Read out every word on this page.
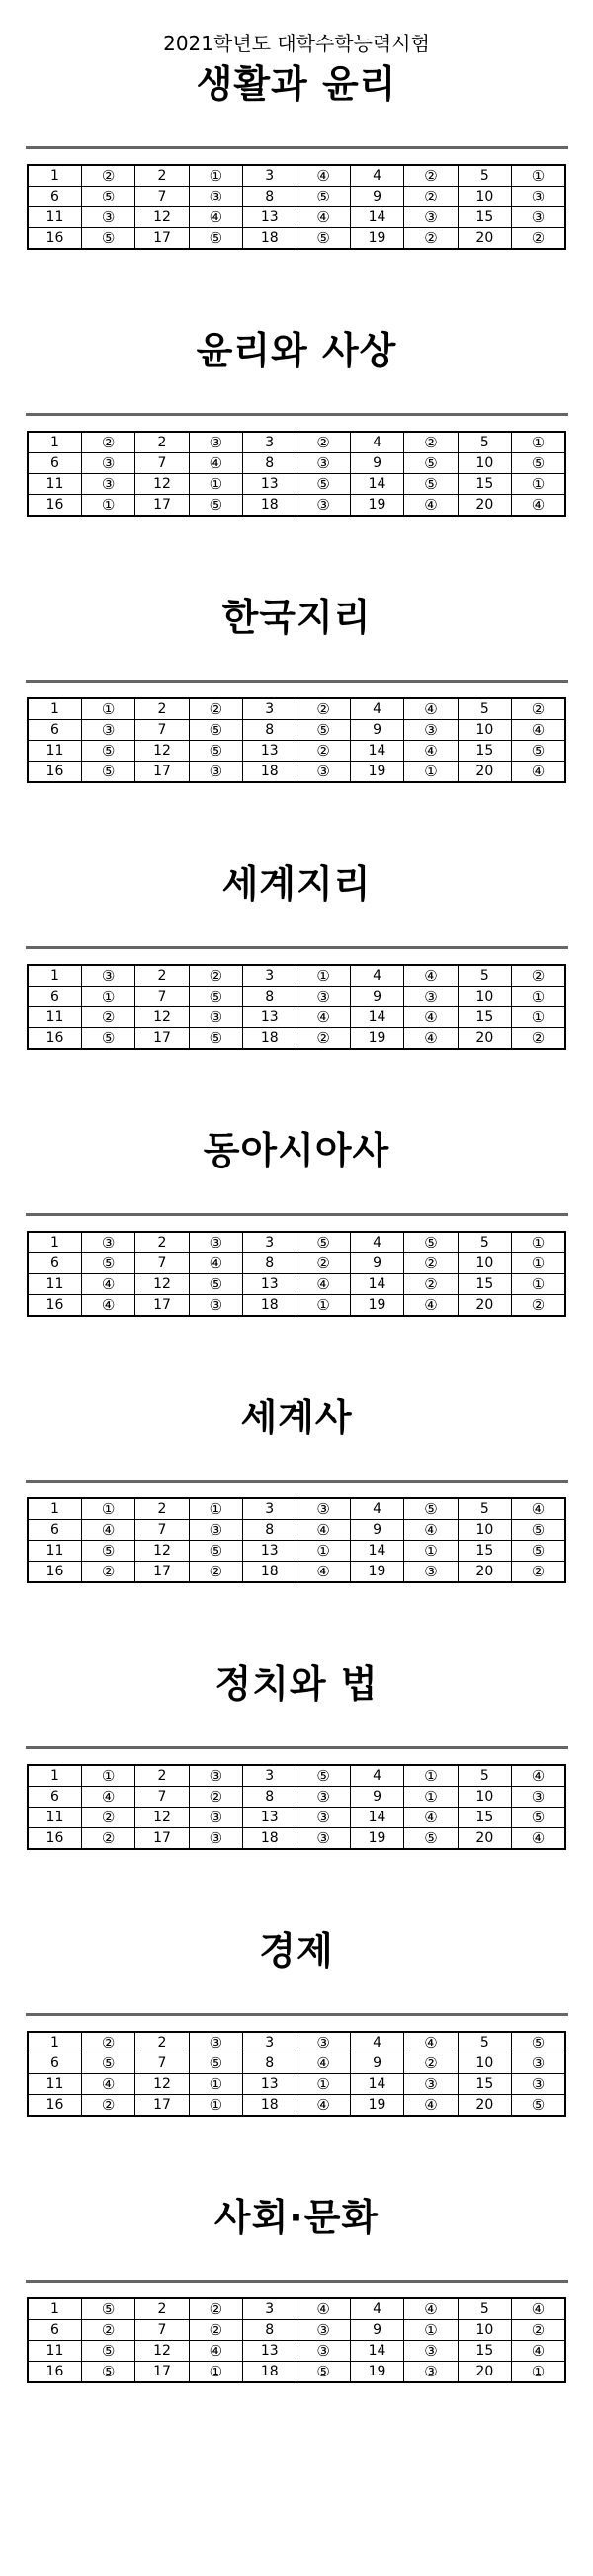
2021학년도 대학수학능력시험
생활과 윤리
1	②	2	①	3	④	4	②	5	①
6	⑤	7	③	8	⑤	9	②	10	③
11	③	12	④	13	④	14	③	15	③
16	⑤	17	⑤	18	⑤	19	②	20	②
윤리와 사상
1	②	2	③	3	②	4	②	5	①
6	③	7	④	8	③	9	⑤	10	⑤
11	③	12	①	13	⑤	14	⑤	15	①
16	①	17	⑤	18	③	19	④	20	④
한국지리
1	①	2	②	3	②	4	④	5	②
6	③	7	⑤	8	⑤	9	③	10	④
11	⑤	12	⑤	13	②	14	④	15	⑤
16	⑤	17	③	18	③	19	①	20	④
세계지리
1	③	2	②	3	①	4	④	5	②
6	①	7	⑤	8	③	9	③	10	①
11	②	12	③	13	④	14	④	15	①
16	⑤	17	⑤	18	②	19	④	20	②
동아시아사
1	③	2	③	3	⑤	4	⑤	5	①
6	⑤	7	④	8	②	9	②	10	①
11	④	12	⑤	13	④	14	②	15	①
16	④	17	③	18	①	19	④	20	②
세계사
1	①	2	①	3	③	4	⑤	5	④
6	④	7	③	8	④	9	④	10	⑤
11	⑤	12	⑤	13	①	14	①	15	⑤
16	②	17	②	18	④	19	③	20	②
정치와 법
1	①	2	③	3	⑤	4	①	5	④
6	④	7	②	8	③	9	①	10	③
11	②	12	③	13	③	14	④	15	⑤
16	②	17	③	18	③	19	⑤	20	④
경제
1	②	2	③	3	③	4	④	5	⑤
6	⑤	7	⑤	8	④	9	②	10	③
11	④	12	①	13	①	14	③	15	③
16	②	17	①	18	④	19	④	20	⑤
사회·문화
1	⑤	2	②	3	④	4	④	5	④
6	②	7	②	8	③	9	①	10	②
11	⑤	12	④	13	③	14	③	15	④
16	⑤	17	①	18	⑤	19	③	20	①
